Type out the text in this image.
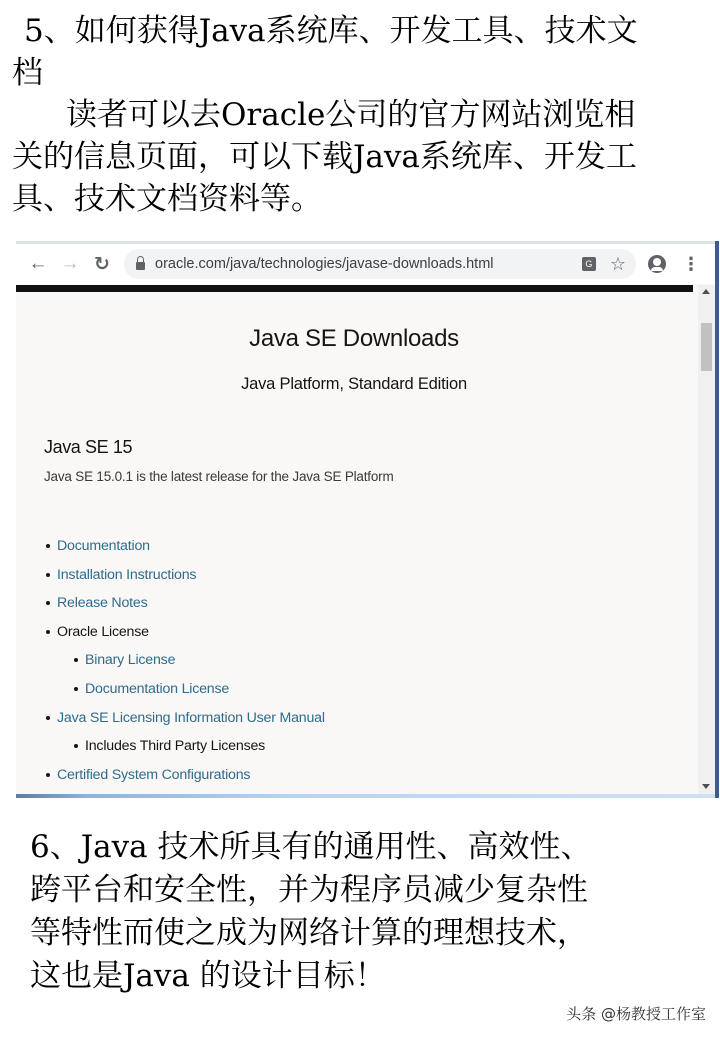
5、如何获得Java系统库、开发工具、技术文

档

读者可以去Oracle公司的官方网站浏览相

关的信息页面，可以下载Java系统库、开发工

具、技术文档资料等。

← → ↻	oracle.com/java/technologies/javase-downloads.html	G ☆	⋮
Java SE Downloads
Java Platform, Standard Edition
Java SE 15
Java SE 15.0.1 is the latest release for the Java SE Platform
Documentation
Installation Instructions
Release Notes
Oracle License
Binary License
Documentation License
Java SE Licensing Information User Manual
Includes Third Party Licenses
Certified System Configurations

6、Java 技术所具有的通用性、高效性、

跨平台和安全性，并为程序员减少复杂性

等特性而使之成为网络计算的理想技术，

这也是Java 的设计目标！

头条 @杨教授工作室
